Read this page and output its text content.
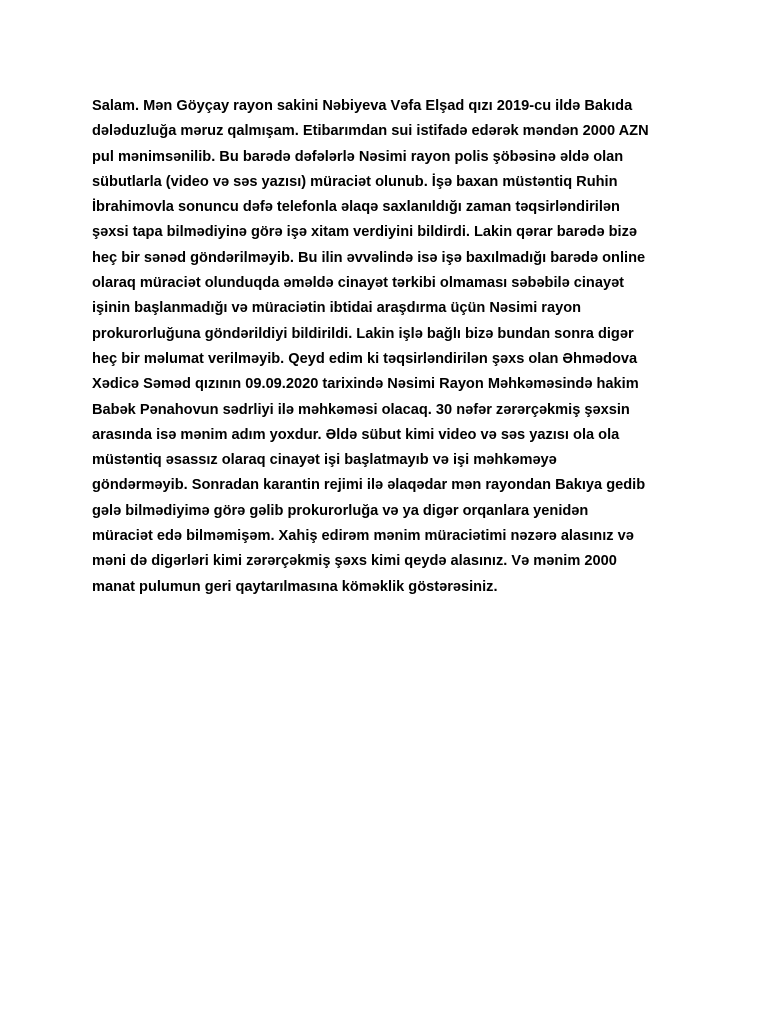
Salam. Mən Göyçay rayon sakini Nəbiyeva Vəfa Elşad qızı 2019-cu ildə Bakıda
dələduzluğa məruz qalmışam. Etibarımdan sui istifadə edərək məndən 2000 AZN
pul mənimsənilib. Bu barədə dəfələrlə Nəsimi rayon polis şöbəsinə əldə olan
sübutlarla (video və səs yazısı) müraciət olunub. İşə baxan müstəntiq Ruhin
İbrahimovla sonuncu dəfə telefonla əlaqə saxlanıldığı zaman təqsirləndirilən
şəxsi tapa bilmədiyinə görə işə xitam verdiyini bildirdi. Lakin qərar barədə bizə
heç bir sənəd göndərilməyib. Bu ilin əvvəlində isə işə baxılmadığı barədə online
olaraq müraciət olunduqda əməldə cinayət tərkibi olmaması səbəbilə cinayət
işinin başlanmadığı və müraciətin ibtidai araşdırma üçün Nəsimi rayon
prokurorluğuna göndərildiyi bildirildi. Lakin işlə bağlı bizə bundan sonra digər
heç bir məlumat verilməyib. Qeyd edim ki təqsirləndirilən şəxs olan Əhmədova
Xədicə Səməd qızının 09.09.2020 tarixində Nəsimi Rayon Məhkəməsində hakim
Babək Pənahovun sədrliyi ilə məhkəməsi olacaq. 30 nəfər zərərçəkmiş şəxsin
arasında isə mənim adım yoxdur. Əldə sübut kimi video və səs yazısı ola ola
müstəntiq əsassız olaraq cinayət işi başlatmayıb və işi məhkəməyə
göndərməyib. Sonradan karantin rejimi ilə əlaqədar mən rayondan Bakıya gedib
gələ bilmədiyimə görə gəlib prokurorluğa və ya digər orqanlara yenidən
müraciət edə bilməmişəm. Xahiş edirəm mənim müraciətimi nəzərə alasınız və
məni də digərləri kimi zərərçəkmiş şəxs kimi qeydə alasınız. Və mənim 2000
manat pulumun geri qaytarılmasına köməklik göstərəsiniz.
